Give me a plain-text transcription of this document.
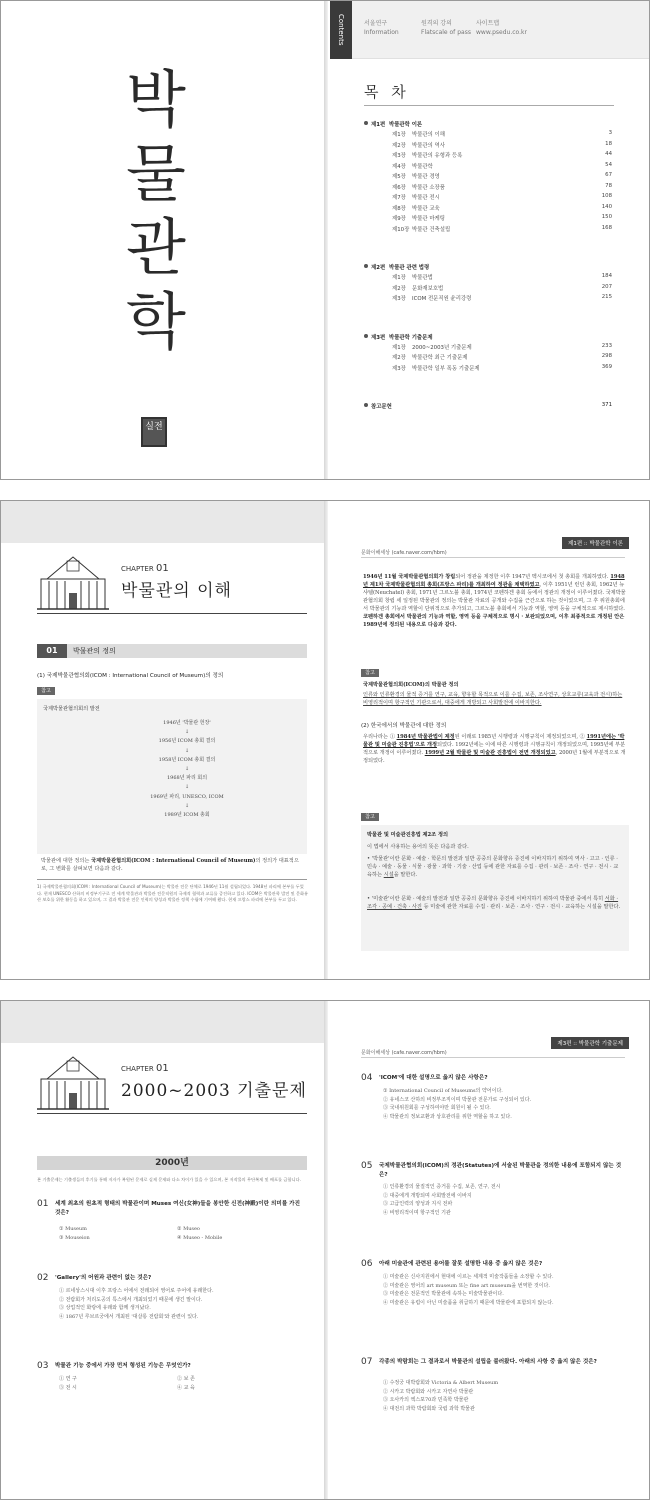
박
물
관
학
실전
Contents	서울연구
Information
원격의 강의
Flatscale of pass
사이트맵
www.psedu.co.kr
목 차
제1편 박물관학 이론
제1장 박물관의 이해	3
제2장 박물관의 역사	18
제3장 박물관의 유형과 등록	44
제4장 박물관학	54
제5장 박물관 경영	67
제6장 박물관 소장품	78
제7장 박물관 전시	108
제8장 박물관 교육	140
제9장 박물관 마케팅	150
제10장 박물관 건축설립	168
제2편 박물관 관련 법령
제1장 박물관법	184
제2장 문화재보호법	207
제3장 ICOM 전문직원 윤리강령	215
제3편 박물관학 기출문제
제1장 2000~2003년 기출문제	233
제2장 박물관학 최근 기출문제	298
제3장 박물관학 일부 폭동 기출문제	369
참고문헌	371
제1편 :: 박물관학 이론
CHAPTER 01
박물관의 이해
01	박물관의 정의
(1) 국제박물관협의회(ICOM : International Council of Museum)의 정의
참고
국제박물관협의회의 발전
1946년 '박물관 헌장'
↓
1956년 ICOM 총회 결의
↓
1958년 ICOM 총회 결의
↓
1968년 파리 회의
↓
1969년 파리, UNESCO, ICOM
↓
1989년 ICOM 총회
박물관에 대한 정의는 국제박물관협의회(ICOM : International Council of Museum)의 정의가 대표적으로, 그 변화를 살펴보면 다음과 같다.
1) 국제박물관협의회(ICOM : International Council of Museum)는 박물관 전문 단체로 1946년 11월 설립되었다. 1948년 파리에 본부를 두었다. 현재 UNESCO 산하의 비정부기구로 전 세계 박물관과 박물관 전문직원의 국제적 협력과 교류를 증진하고 있다. ICOM은 박물관학 발전 및 문화유산 보호를 위한 활동을 하고 있으며, 그 결과 박물관 전문 인력의 양성과 박물관 정책 수립에 기여해 왔다. 현재 프랑스 파리에 본부를 두고 있다.
문화이해세상 (cafe.naver.com/hbm)
1946년 11월 국제박물관협의회가 창립되어 정관을 제정한 이후 1947년 멕시코에서 첫 총회를 개최하였다. 1948년 제1차 국제박물관협의회 총회(프랑스 파리)를 개최하여 정관을 채택하였고, 이후 1951년 런던 총회, 1962년 뉴샤텔(Neuchatel) 총회, 1971년 그르노블 총회, 1974년 코펜하겐 총회 등에서 정관의 개정이 이루어졌다. 국제박물관협의회 창립 세 일정된 박물관의 정의는 박물관 자료의 공개와 수집을 근간으로 하는 것이었으며, 그 후 위원총회에서 박물관의 기능과 역할이 단위적으로 추가되고, 그르노블 총회에서 기능과 역할, 영역 등을 구체적으로 제시하였다. 코펜하겐 총회에서 박물관의 기능과 역할, 영역 등을 구체적으로 명시 · 보완되었으며, 이후 최종적으로 개정된 안은 1989년에 정의된 내용으로 다음과 같다.
참고
국제박물관협의회(ICOM)의 박물관 정의
인류와 인류환경의 물적 증거를 연구, 교육, 향유할 목적으로 이를 수집, 보존, 조사연구, 상호교류(교육과 전시)하는 비영리적이며 항구적인 기관으로서, 대중에게 개방되고 사회발전에 이바지한다.
(2) 한국에서의 박물관에 대한 정의
우리나라는 ① 1984년 박물관법이 제정된 이래로 1985년 시행령과 시행규칙이 제정되었으며, ② 1991년에는 '박물관 및 미술관 진흥법'으로 개정되었다. 1992년에는 이에 따른 시행령과 시행규칙이 개정되었으며, 1995년에 부분적으로 개정이 이루어졌다. 1999년 2월 박물관 및 미술관 진흥법이 전면 개정되었고, 2000년 1월에 부분적으로 개정되었다.
참고
박물관 및 미술관진흥법 제2조 정의
이 법에서 사용하는 용어의 뜻은 다음과 같다.
• '박물관'이란 문화 · 예술 · 학문의 발전과 일반 공중의 문화향유 증진에 이바지하기 위하여 역사 · 고고 · 인류 · 민속 · 예술 · 동물 · 식물 · 광물 · 과학 · 기술 · 산업 등에 관한 자료를 수집 · 관리 · 보존 · 조사 · 연구 · 전시 · 교육하는 시설을 말한다.
• '미술관'이란 문화 · 예술의 발전과 일반 공중의 문화향유 증진에 이바지하기 위하여 박물관 중에서 특히 서화 · 조각 · 공예 · 건축 · 사진 등 미술에 관한 자료를 수집 · 관리 · 보존 · 조사 · 연구 · 전시 · 교육하는 시설을 말한다.
제3편 :: 박물관학 기출문제
CHAPTER 01
2000~2003 기출문제
2000년
본 기출문제는 기출생들의 후기를 통해 저자가 복원된 문제로 실제 문제와 다소 차이가 있을 수 있으며, 본 저작물의 무단복제 및 배포를 금합니다.
01 세계 최초의 원초적 형태의 박물관이며 Muses 여신(女神)들을 봉안한 신전(神殿)이란 의미를 가진 것은?
① Museum	② Museo
③ Mouseion	④ Museo - Mobile
02 'Gallery'의 어원과 관련이 없는 것은?
① 르네상스시대 이후 프랑스 어에서 전래되어 영어로 주어에 유래한다.
② 전람회가 처리도공의 특스에서 개최되었기 때문에 생긴 말이다.
③ 상업적인 화랑에 유래와 함께 생겨났다.
④ 1867년 루브르궁에서 개최된 '대살롱 전람회'와 관련이 있다.
03 박물관 기능 중에서 가장 먼저 형성된 기능은 무엇인가?
① 연 구	② 보 존
③ 전 시	④ 교 육
문화이해세상 (cafe.naver.com/hbm)
04 'ICOM'에 대한 설명으로 옳지 않은 사항은?
① International Council of Museums의 약어이다.
② 유네스코 산하의 비정부조직이며 박물관 전문가로 구성되어 있다.
③ 국내위원회를 구성하여야만 회원이 될 수 있다.
④ 박물관의 정보교환과 상호관리를 위한 역할을 하고 있다.
05 국제박물관협의회(ICOM)의 정관(Statutes)에 서술된 박물관을 정의한 내용에 포함되지 않는 것은?
① 인류환경의 물질적인 증거를 수집, 보존, 연구, 전시
② 대중에게 개방되며 사회발전에 이바지
③ 고급인력의 양성과 지식 전파
④ 비영리적이며 항구적인 기관
06 아래 미술관에 관련된 용어를 잘못 설명한 내용 중 옳지 않은 것은?
① 미술관은 신사지원에서 현대에 이르는 세계적 미술작품들을 소장할 수 있다.
② 미술관은 영어의 art museum 또는 fine art museum을 번역한 것이다.
③ 미술관은 전문적인 박물관에 속하는 미술박물관이다.
④ 미술관은 유럽이 아닌 미술품을 취급하기 때문에 박물관에 포함되지 않는다.
07 각종의 박람회는 그 결과로서 박물관의 설립을 불러왔다. 아래의 사항 중 옳지 않은 것은?
① 수정궁 대박람회와 Victoria & Albert Museum
② 시카고 박람회와 시카고 자연사 박물관
③ 오사카의 엑스포70과 민족학 박물관
④ 대전의 과학 박람회와 국립 과학 박물관
